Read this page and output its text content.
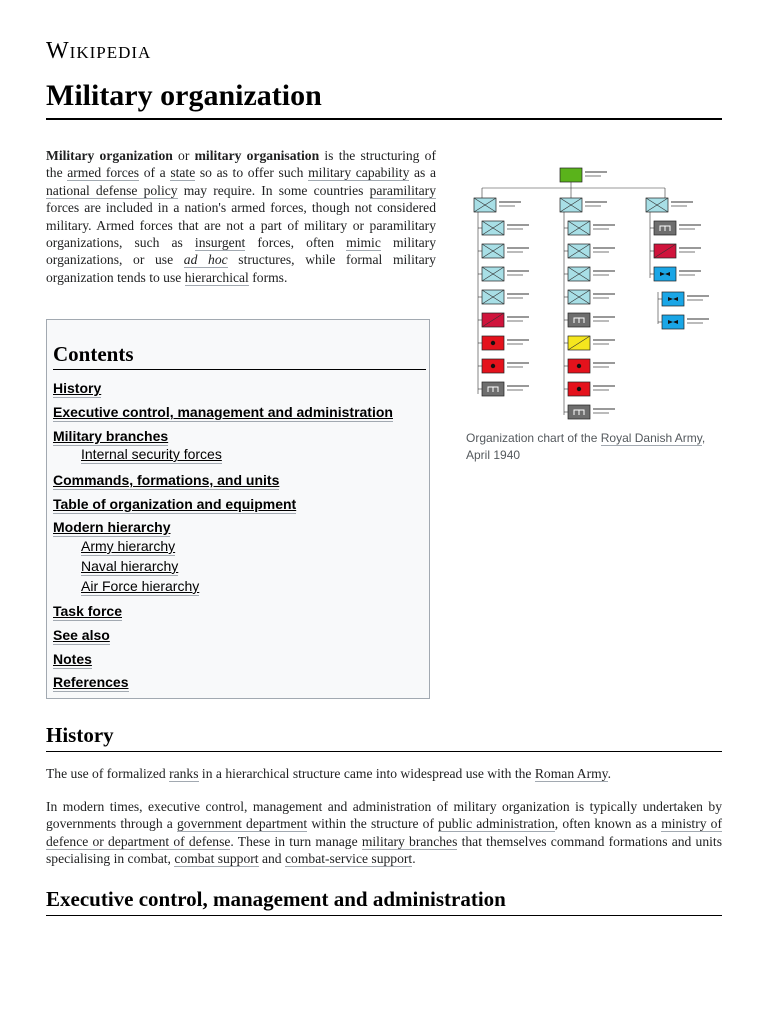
Wikipedia
Military organization

Military organization or military organisation is the structuring of the armed forces of a state so as to offer such military capability as a national defense policy may require. In some countries paramilitary forces are included in a nation's armed forces, though not considered military. Armed forces that are not a part of military or paramilitary organizations, such as insurgent forces, often mimic military organizations, or use ad hoc structures, while formal military organization tends to use hierarchical forms.

Contents
History
Executive control, management and administration
Military branches
Internal security forces
Commands, formations, and units
Table of organization and equipment
Modern hierarchy
Army hierarchy
Naval hierarchy
Air Force hierarchy
Task force
See also
Notes
References
Organization chart of the Royal Danish Army, April 1940
History

The use of formalized ranks in a hierarchical structure came into widespread use with the Roman Army.

In modern times, executive control, management and administration of military organization is typically undertaken by governments through a government department within the structure of public administration, often known as a ministry of defence or department of defense. These in turn manage military branches that themselves command formations and units specialising in combat, combat support and combat-service support.

Executive control, management and administration
